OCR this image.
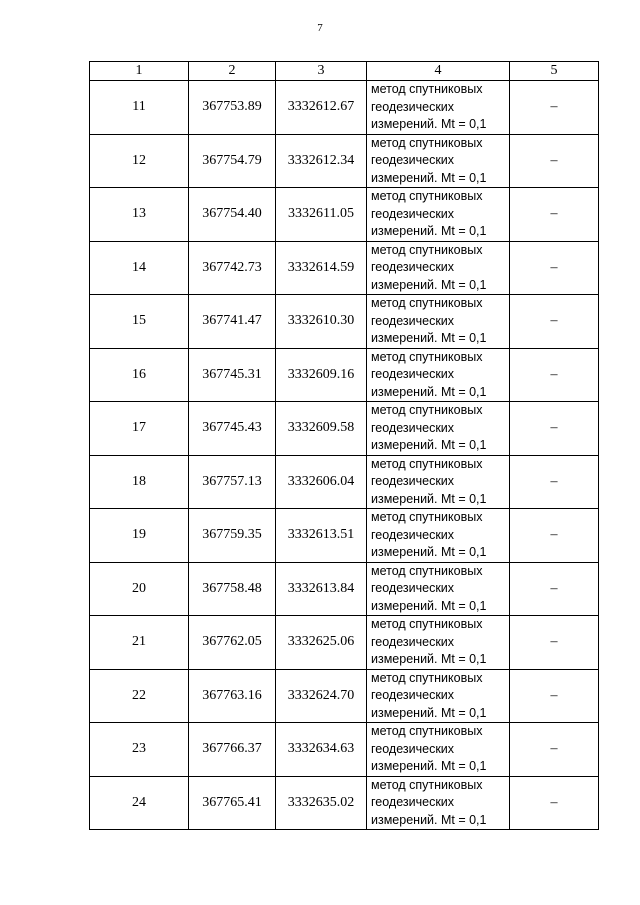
7
1	2	3	4	5
11	367753.89	3332612.67	метод спутниковых
геодезических
измерений. Mt = 0,1	–
12	367754.79	3332612.34	метод спутниковых
геодезических
измерений. Mt = 0,1	–
13	367754.40	3332611.05	метод спутниковых
геодезических
измерений. Mt = 0,1	–
14	367742.73	3332614.59	метод спутниковых
геодезических
измерений. Mt = 0,1	–
15	367741.47	3332610.30	метод спутниковых
геодезических
измерений. Mt = 0,1	–
16	367745.31	3332609.16	метод спутниковых
геодезических
измерений. Mt = 0,1	–
17	367745.43	3332609.58	метод спутниковых
геодезических
измерений. Mt = 0,1	–
18	367757.13	3332606.04	метод спутниковых
геодезических
измерений. Mt = 0,1	–
19	367759.35	3332613.51	метод спутниковых
геодезических
измерений. Mt = 0,1	–
20	367758.48	3332613.84	метод спутниковых
геодезических
измерений. Mt = 0,1	–
21	367762.05	3332625.06	метод спутниковых
геодезических
измерений. Mt = 0,1	–
22	367763.16	3332624.70	метод спутниковых
геодезических
измерений. Mt = 0,1	–
23	367766.37	3332634.63	метод спутниковых
геодезических
измерений. Mt = 0,1	–
24	367765.41	3332635.02	метод спутниковых
геодезических
измерений. Mt = 0,1	–
